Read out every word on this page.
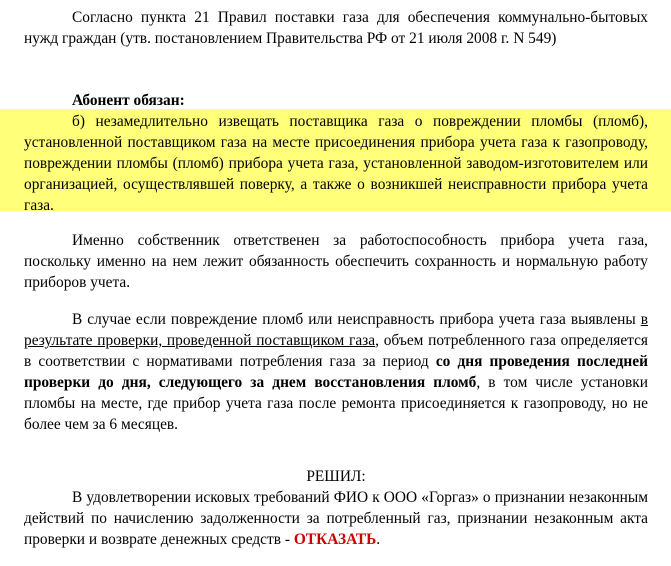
Согласно пункта 21 Правил поставки газа для обеспечения коммунально-бытовых нужд граждан (утв. постановлением Правительства РФ от 21 июля 2008 г. N 549)

Абонент обязан:

б) незамедлительно извещать поставщика газа о повреждении пломбы (пломб), установленной поставщиком газа на месте присоединения прибора учета газа к газопроводу, повреждении пломбы (пломб) прибора учета газа, установленной заводом-изготовителем или организацией, осуществлявшей поверку, а также о возникшей неисправности прибора учета газа.

Именно собственник ответственен за работоспособность прибора учета газа, поскольку именно на нем лежит обязанность обеспечить сохранность и нормальную работу приборов учета.

В случае если повреждение пломб или неисправность прибора учета газа выявлены в результате проверки, проведенной поставщиком газа, объем потребленного газа определяется в соответствии с нормативами потребления газа за период со дня проведения последней проверки до дня, следующего за днем восстановления пломб, в том числе установки пломбы на месте, где прибор учета газа после ремонта присоединяется к газопроводу, но не более чем за 6 месяцев.

РЕШИЛ:

В удовлетворении исковых требований ФИО к ООО «Горгаз» о признании незаконным действий по начислению задолженности за потребленный газ, признании незаконным акта проверки и возврате денежных средств - ОТКАЗАТЬ.
